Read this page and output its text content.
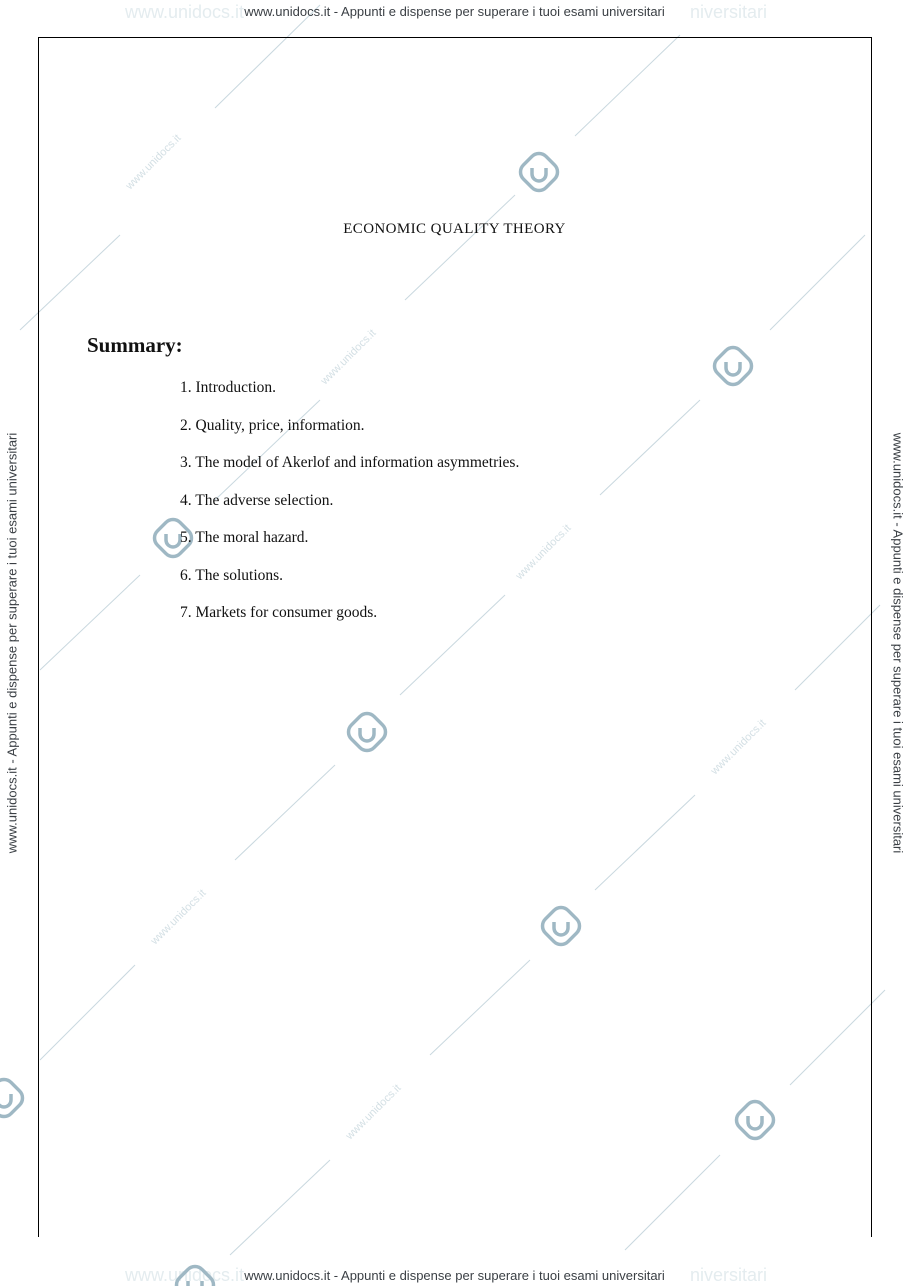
www.unidocs.it
www.unidocs.it
www.unidocs.it
www.unidocs.it
www.unidocs.it
www.unidocs.it
www.unidocs.it	niversitari
www.unidocs.it	niversitari
www.unidocs.it - Appunti e dispense per superare i tuoi esami universitari
www.unidocs.it - Appunti e dispense per superare i tuoi esami universitari
www.unidocs.it - Appunti e dispense per superare i tuoi esami universitari	www.unidocs.it - Appunti e dispense per superare i tuoi esami universitari
ECONOMIC QUALITY THEORY
Summary:
1. Introduction.
2. Quality, price, information.
3. The model of Akerlof and information asymmetries.
4. The adverse selection.
5. The moral hazard.
6. The solutions.
7. Markets for consumer goods.
